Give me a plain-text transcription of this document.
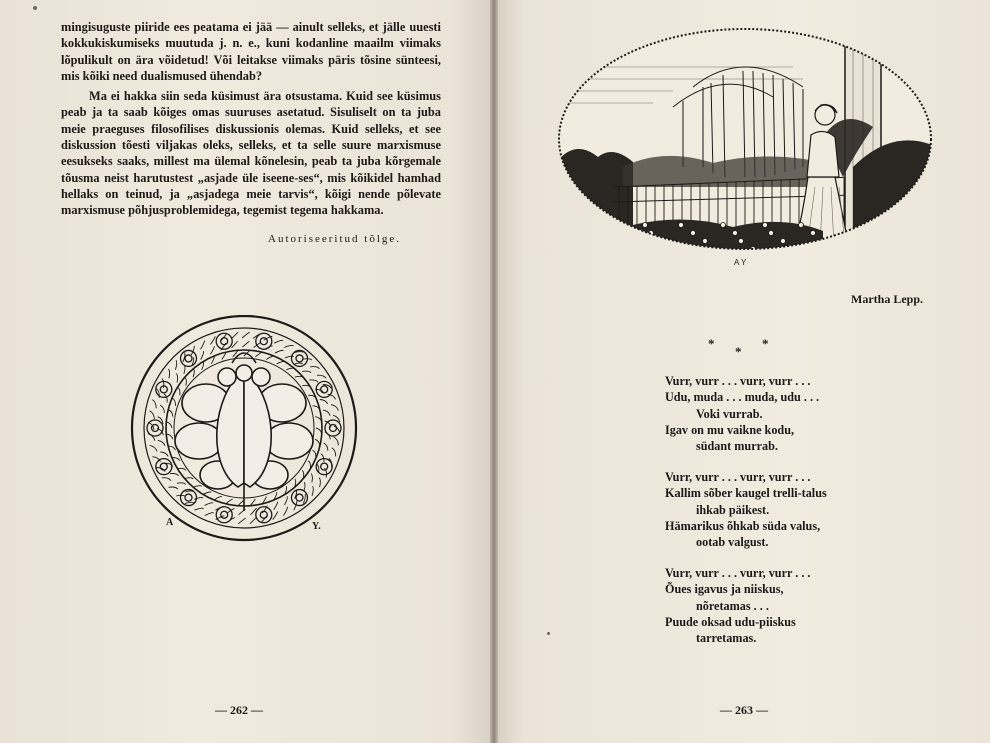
mingisuguste piiride ees peatama ei jää — ainult selleks, et jälle uuesti kokkukiskumiseks muutuda j. n. e., kuni kodanline maailm viimaks lõpulikult on ära võidetud! Või leitakse viimaks päris tõsine sünteesi, mis kõiki need dualismused ühendab?

Ma ei hakka siin seda küsimust ära otsustama. Kuid see küsimus peab ja ta saab kõiges omas suuruses asetatud. Sisuliselt on ta juba meie praeguses filosofilises diskussionis olemas. Kuid selleks, et see diskussion tõesti viljakas oleks, selleks, et ta selle suure marxismuse eesukseks saaks, millest ma ülemal kõnelesin, peab ta juba kõrgemale tõusma neist harutustest „asjade üle iseene-ses“, mis kõikidel hamhad hellaks on teinud, ja „asjadega meie tarvis“, kõigi nende põlevate marxismuse põhjusproblemidega, tegemist tegema hakkama.

Autoriseeritud tõlge.
A	Y.
— 262 —
A Y
Martha Lepp.
*
*
*
Vurr, vurr . . . vurr, vurr . . .
Udu, muda . . . muda, udu . . .
Voki vurrab.
Igav on mu vaikne kodu,
südant murrab.
Vurr, vurr . . . vurr, vurr . . .
Kallim sõber kaugel trelli-talus
ihkab päikest.
Hämarikus õhkab süda valus,
ootab valgust.
Vurr, vurr . . . vurr, vurr . . .
Õues igavus ja niiskus,
nõretamas . . .
Puude oksad udu-piiskus
tarretamas.
— 263 —
